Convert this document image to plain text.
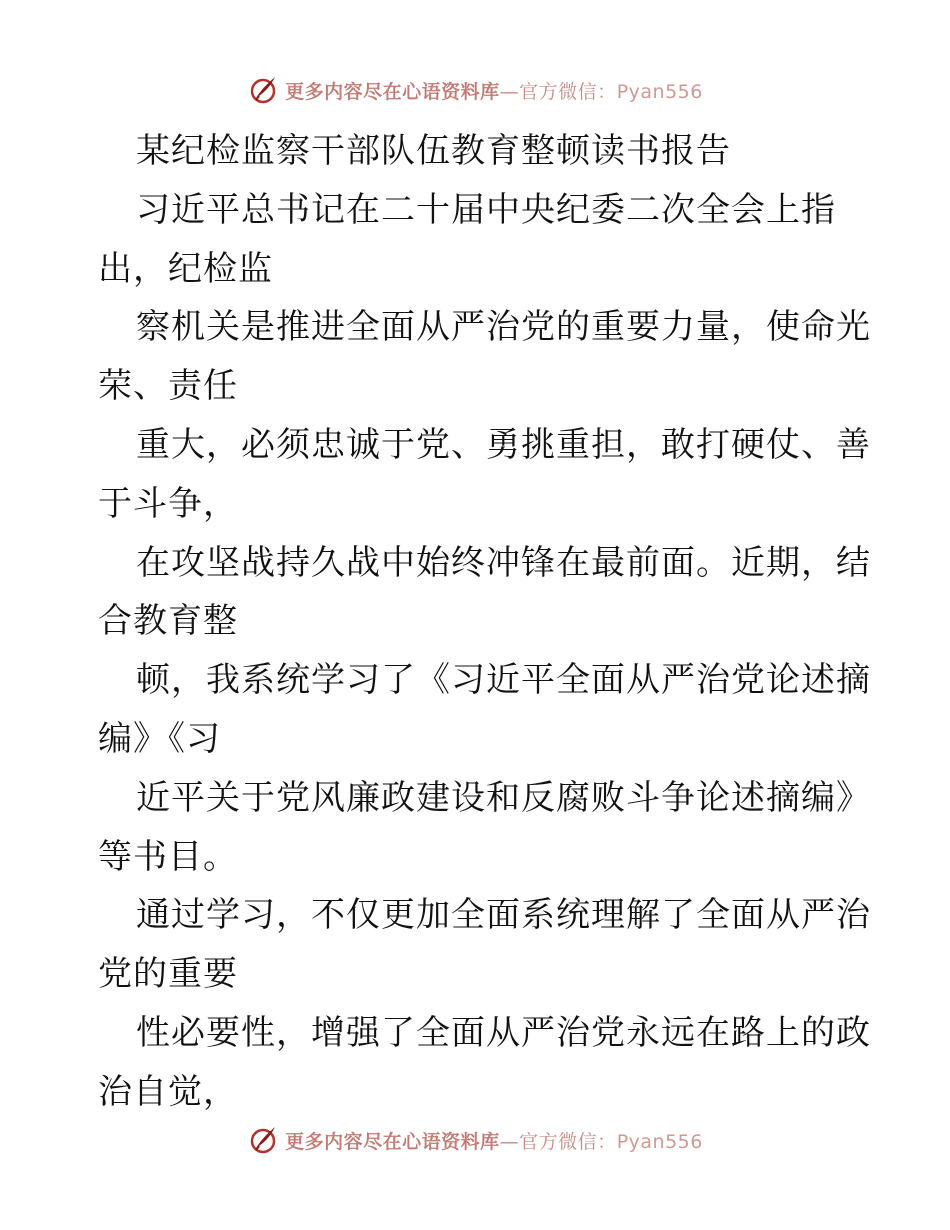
更多内容尽在心语资料库—官方微信：Pyan556
某纪检监察干部队伍教育整顿读书报告
习近平总书记在二十届中央纪委二次全会上指
出，纪检监
察机关是推进全面从严治党的重要力量，使命光
荣、责任
重大，必须忠诚于党、勇挑重担，敢打硬仗、善
于斗争，
在攻坚战持久战中始终冲锋在最前面。近期，结
合教育整
顿，我系统学习了《习近平全面从严治党论述摘
编》《习
近平关于党风廉政建设和反腐败斗争论述摘编》
等书目。
通过学习，不仅更加全面系统理解了全面从严治
党的重要
性必要性，增强了全面从严治党永远在路上的政
治自觉，
更多内容尽在心语资料库—官方微信：Pyan556
